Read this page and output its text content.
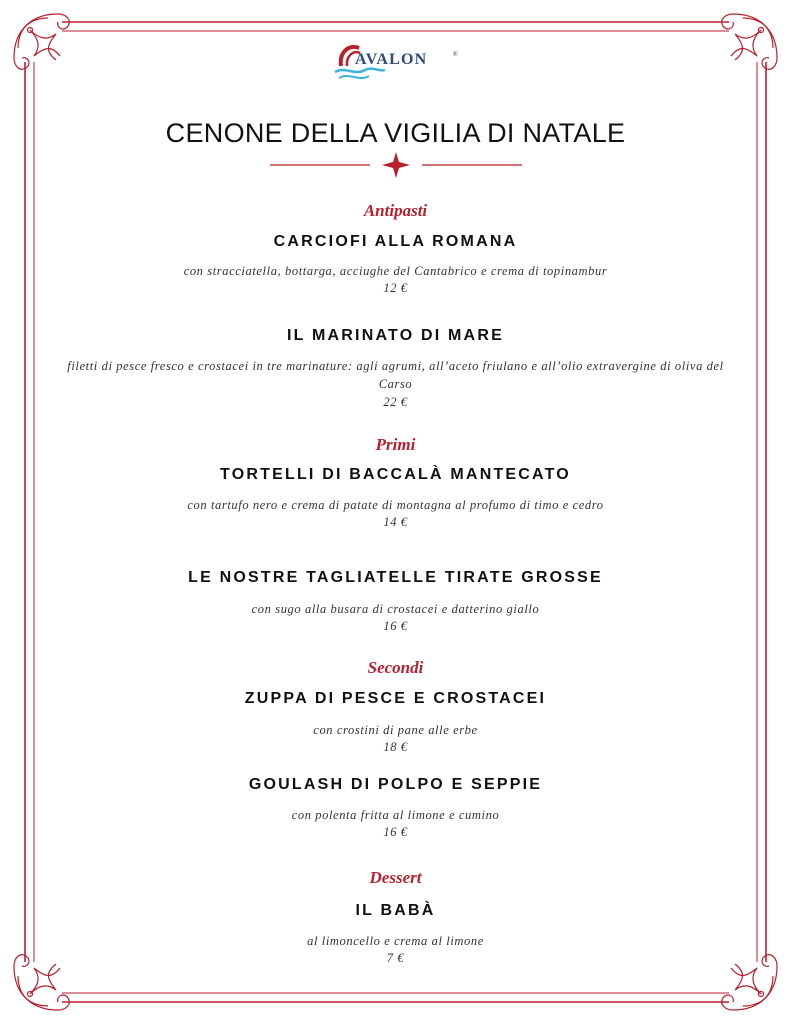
AVALON	®
CENONE DELLA VIGILIA DI NATALE
Antipasti
CARCIOFI ALLA ROMANA
con stracciatella, bottarga, acciughe del Cantabrico e crema di topinambur
12 €
IL MARINATO DI MARE
filetti di pesce fresco e crostacei in tre marinature: agli agrumi, all’aceto friulano e all’olio extravergine di oliva del Carso
22 €
Primi
TORTELLI DI BACCALÀ MANTECATO
con tartufo nero e crema di patate di montagna al profumo di timo e cedro
14 €
LE NOSTRE TAGLIATELLE TIRATE GROSSE
con sugo alla busara di crostacei e datterino giallo
16 €
Secondi
ZUPPA DI PESCE E CROSTACEI
con crostini di pane alle erbe
18 €
GOULASH DI POLPO E SEPPIE
con polenta fritta al limone e cumino
16 €
Dessert
IL BABÀ
al limoncello e crema al limone
7 €
